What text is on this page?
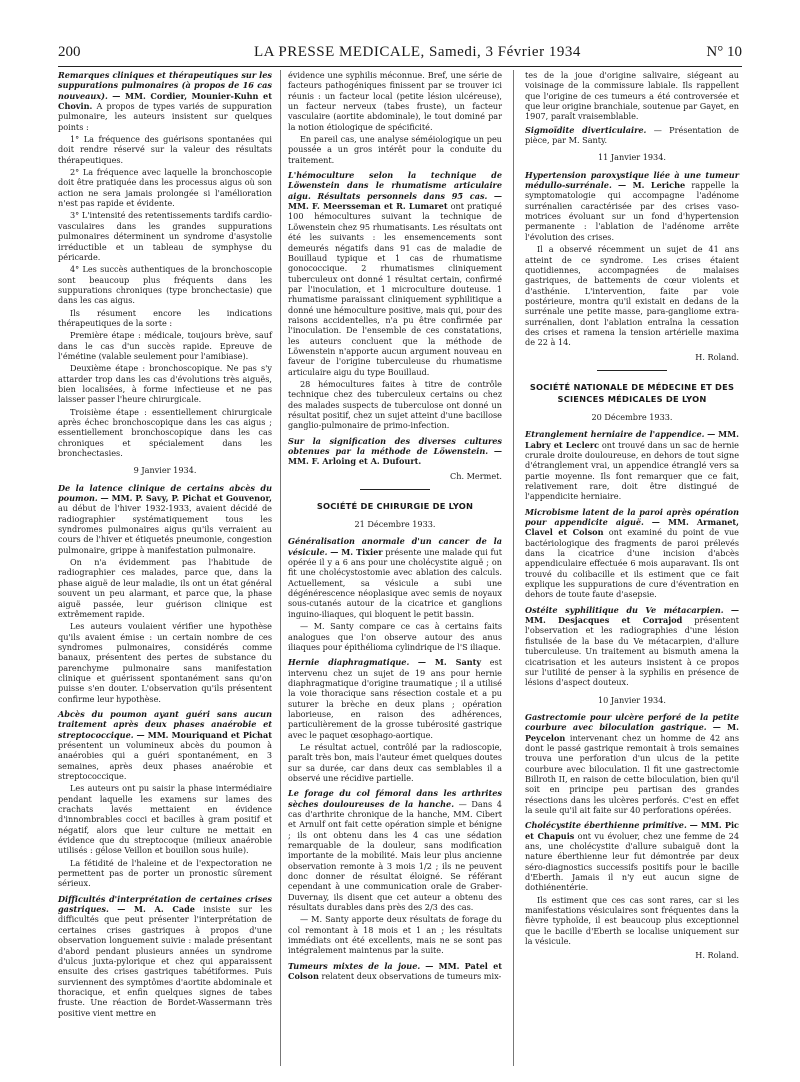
200	LA PRESSE MEDICALE, Samedi, 3 Février 1934	N° 10

Remarques cliniques et thérapeutiques sur les suppurations pulmonaires (à propos de 16 cas nouveaux). — MM. Cordier, Mounier-Kuhn et Chovin. A propos de types variés de suppuration pulmonaire, les auteurs insistent sur quelques points :

1° La fréquence des guérisons spontanées qui doit rendre réservé sur la valeur des résultats thérapeutiques.

2° La fréquence avec laquelle la bronchoscopie doit être pratiquée dans les processus aigus où son action ne sera jamais prolongée si l'amélioration n'est pas rapide et évidente.

3° L'intensité des retentissements tardifs cardio-vasculaires dans les grandes suppurations pulmonaires déterminent un syndrome d'asystolie irréductible et un tableau de symphyse du péricarde.

4° Les succès authentiques de la bronchoscopie sont beaucoup plus fréquents dans les suppurations chroniques (type bronchectasie) que dans les cas aigus.

Ils résument encore les indications thérapeutiques de la sorte :

Première étape : médicale, toujours brève, sauf dans le cas d'un succès rapide. Epreuve de l'émétine (valable seulement pour l'amibiase).

Deuxième étape : bronchoscopique. Ne pas s'y attarder trop dans les cas d'évolutions très aiguës, bien localisées, à forme infectieuse et ne pas laisser passer l'heure chirurgicale.

Troisième étape : essentiellement chirurgicale après échec bronchoscopique dans les cas aigus ; essentiellement bronchoscopique dans les cas chroniques et spécialement dans les bronchectasies.

9 Janvier 1934.

De la latence clinique de certains abcès du poumon. — MM. P. Savy, P. Pichat et Gouvenor, au début de l'hiver 1932-1933, avaient décidé de radiographier systématiquement tous les syndromes pulmonaires aigus qu'ils verraient au cours de l'hiver et étiquetés pneumonie, congestion pulmonaire, grippe à manifestation pulmonaire.

On n'a évidemment pas l'habitude de radiographier ces malades, parce que, dans la phase aiguë de leur maladie, ils ont un état général souvent un peu alarmant, et parce que, la phase aiguë passée, leur guérison clinique est extrêmement rapide.

Les auteurs voulaient vérifier une hypothèse qu'ils avaient émise : un certain nombre de ces syndromes pulmonaires, considérés comme banaux, présentent des pertes de substance du parenchyme pulmonaire sans manifestation clinique et guérissent spontanément sans qu'on puisse s'en douter. L'observation qu'ils présentent confirme leur hypothèse.

Abcès du poumon ayant guéri sans aucun traitement après deux phases anaérobie et streptococcique. — MM. Mouriquand et Pichat présentent un volumineux abcès du poumon à anaérobies qui a guéri spontanément, en 3 semaines, après deux phases anaérobie et streptococcique.

Les auteurs ont pu saisir la phase intermédiaire pendant laquelle les examens sur lames des crachats lavés mettaient en évidence d'innombrables cocci et bacilles à gram positif et négatif, alors que leur culture ne mettait en évidence que du streptocoque (milieux anaérobie utilisés : gélose Veillon et bouillon sous huile).

La fétidité de l'haleine et de l'expectoration ne permettent pas de porter un pronostic sûrement sérieux.

Difficultés d'interprétation de certaines crises gastriques. — M. A. Cade insiste sur les difficultés que peut présenter l'interprétation de certaines crises gastriques à propos d'une observation longuement suivie : malade présentant d'abord pendant plusieurs années un syndrome d'ulcus juxta-pylorique et chez qui apparaissent ensuite des crises gastriques tabétiformes. Puis surviennent des symptômes d'aortite abdominale et thoracique, et enfin quelques signes de tabes fruste. Une réaction de Bordet-Wassermann très positive vient mettre en

évidence une syphilis méconnue. Bref, une série de facteurs pathogéniques finissent par se trouver ici réunis : un facteur local (petite lésion ulcéreuse), un facteur nerveux (tabes fruste), un facteur vasculaire (aortite abdominale), le tout dominé par la notion étiologique de spécificité.

En pareil cas, une analyse séméiologique un peu poussée a un gros intérêt pour la conduite du traitement.

L'hémoculture selon la technique de Löwenstein dans le rhumatisme articulaire aigu. Résultats personnels dans 95 cas. — MM. F. Meersseman et R. Lumaret ont pratiqué 100 hémocultures suivant la technique de Löwenstein chez 95 rhumatisants. Les résultats ont été les suivants : les ensemencements sont demeurés négatifs dans 91 cas de maladie de Bouillaud typique et 1 cas de rhumatisme gonococcique. 2 rhumatismes cliniquement tuberculeux ont donné 1 résultat certain, confirmé par l'inoculation, et 1 microculture douteuse. 1 rhumatisme paraissant cliniquement syphilitique a donné une hémoculture positive, mais qui, pour des raisons accidentelles, n'a pu être confirmée par l'inoculation. De l'ensemble de ces constatations, les auteurs concluent que la méthode de Löwenstein n'apporte aucun argument nouveau en faveur de l'origine tuberculeuse du rhumatisme articulaire aigu du type Bouillaud.

28 hémocultures faites à titre de contrôle technique chez des tuberculeux certains ou chez des malades suspects de tuberculose ont donné un résultat positif, chez un sujet atteint d'une bacillose ganglio-pulmonaire de primo-infection.

Sur la signification des diverses cultures obtenues par la méthode de Löwenstein. — MM. F. Arloing et A. Dufourt.

Ch. Mermet.

SOCIÉTÉ DE CHIRURGIE DE LYON

21 Décembre 1933.

Généralisation anormale d'un cancer de la vésicule. — M. Tixier présente une malade qui fut opérée il y a 6 ans pour une cholécystite aiguë ; on fit une cholécystostomie avec ablation des calculs. Actuellement, sa vésicule a subi une dégénérescence néoplasique avec semis de noyaux sous-cutanés autour de la cicatrice et ganglions inguino-iliaques, qui bloquent le petit bassin.

— M. Santy compare ce cas à certains faits analogues que l'on observe autour des anus iliaques pour épithélioma cylindrique de l'S iliaque.

Hernie diaphragmatique. — M. Santy est intervenu chez un sujet de 19 ans pour hernie diaphragmatique d'origine traumatique ; il a utilisé la voie thoracique sans résection costale et a pu suturer la brèche en deux plans ; opération laborieuse, en raison des adhérences, particulièrement de la grosse tubérosité gastrique avec le paquet œsophago-aortique.

Le résultat actuel, contrôlé par la radioscopie, paraît très bon, mais l'auteur émet quelques doutes sur sa durée, car dans deux cas semblables il a observé une récidive partielle.

Le forage du col fémoral dans les arthrites sèches douloureuses de la hanche. — Dans 4 cas d'arthrite chronique de la hanche, MM. Cibert et Arnulf ont fait cette opération simple et bénigne ; ils ont obtenu dans les 4 cas une sédation remarquable de la douleur, sans modification importante de la mobilité. Mais leur plus ancienne observation remonte à 3 mois 1/2 ; ils ne peuvent donc donner de résultat éloigné. Se référant cependant à une communication orale de Graber-Duvernay, ils disent que cet auteur a obtenu des résultats durables dans près des 2/3 des cas.

— M. Santy apporte deux résultats de forage du col remontant à 18 mois et 1 an ; les résultats immédiats ont été excellents, mais ne se sont pas intégralement maintenus par la suite.

Tumeurs mixtes de la joue. — MM. Patel et Colson relatent deux observations de tumeurs mix-

tes de la joue d'origine salivaire, siégeant au voisinage de la commissure labiale. Ils rappellent que l'origine de ces tumeurs a été controversée et que leur origine branchiale, soutenue par Gayet, en 1907, paraît vraisemblable.

Sigmoïdite diverticulaire. — Présentation de pièce, par M. Santy.

11 Janvier 1934.

Hypertension paroxystique liée à une tumeur médullo-surrénale. — M. Leriche rappelle la symptomatologie qui accompagne l'adénome surrénalien caractérisée par des crises vaso-motrices évoluant sur un fond d'hypertension permanente : l'ablation de l'adénome arrête l'évolution des crises.

Il a observé récemment un sujet de 41 ans atteint de ce syndrome. Les crises étaient quotidiennes, accompagnées de malaises gastriques, de battements de cœur violents et d'asthénie. L'intervention, faite par voie postérieure, montra qu'il existait en dedans de la surrénale une petite masse, para-gangliome extra-surrénalien, dont l'ablation entraîna la cessation des crises et ramena la tension artérielle maxima de 22 à 14.

H. Roland.

SOCIÉTÉ NATIONALE DE MÉDECINE ET DES SCIENCES MÉDICALES DE LYON

20 Décembre 1933.

Etranglement herniaire de l'appendice. — MM. Labry et Leclerc ont trouvé dans un sac de hernie crurale droite douloureuse, en dehors de tout signe d'étranglement vrai, un appendice étranglé vers sa partie moyenne. Ils font remarquer que ce fait, relativement rare, doit être distingué de l'appendicite herniaire.

Microbisme latent de la paroi après opération pour appendicite aiguë. — MM. Armanet, Clavel et Colson ont examiné du point de vue bactériologique des fragments de paroi prélevés dans la cicatrice d'une incision d'abcès appendiculaire effectuée 6 mois auparavant. Ils ont trouvé du colibacille et ils estiment que ce fait explique les suppurations de cure d'éventration en dehors de toute faute d'asepsie.

Ostéite syphilitique du Ve métacarpien. — MM. Desjacques et Corrajod présentent l'observation et les radiographies d'une lésion fistulisée de la base du Ve métacarpien, d'allure tuberculeuse. Un traitement au bismuth amena la cicatrisation et les auteurs insistent à ce propos sur l'utilité de penser à la syphilis en présence de lésions d'aspect douteux.

10 Janvier 1934.

Gastrectomie pour ulcère perforé de la petite courbure avec biloculation gastrique. — M. Peycelon intervenant chez un homme de 42 ans dont le passé gastrique remontait à trois semaines trouva une perforation d'un ulcus de la petite courbure avec biloculation. Il fit une gastrectomie Billroth II, en raison de cette biloculation, bien qu'il soit en principe peu partisan des grandes résections dans les ulcères perforés. C'est en effet la seule qu'il ait faite sur 40 perforations opérées.

Cholécystite éberthienne primitive. — MM. Pic et Chapuis ont vu évoluer, chez une femme de 24 ans, une cholécystite d'allure subaiguë dont la nature éberthienne leur fut démontrée par deux séro-diagnostics successifs positifs pour le bacille d'Eberth. Jamais il n'y eut aucun signe de dothiénentérie.

Ils estiment que ces cas sont rares, car si les manifestations vésiculaires sont fréquentes dans la fièvre typhoïde, il est beaucoup plus exceptionnel que le bacille d'Eberth se localise uniquement sur la vésicule.

H. Roland.
